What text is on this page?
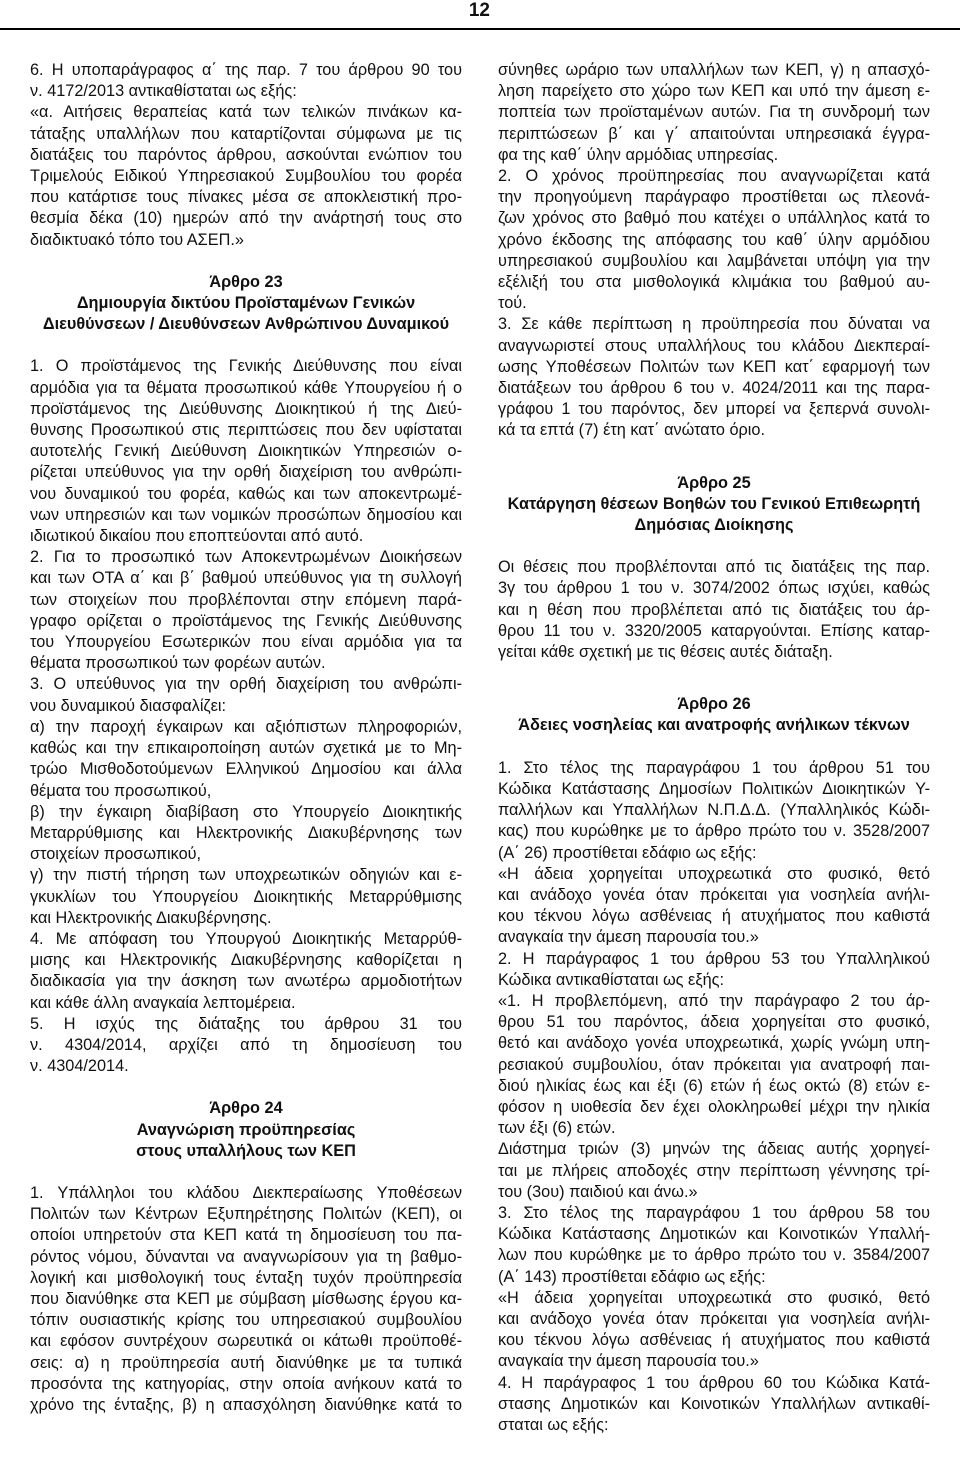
12

6. Η υποπαράγραφος α΄ της παρ. 7 του άρθρου 90 του

ν. 4172/2013 αντικαθίσταται ως εξής:

«α. Αιτήσεις θεραπείας κατά των τελικών πινάκων κα-

τάταξης υπαλλήλων που καταρτίζονται σύμφωνα με τις

διατάξεις του παρόντος άρθρου, ασκούνται ενώπιον του

Τριμελούς Ειδικού Υπηρεσιακού Συμβουλίου του φορέα

που κατάρτισε τους πίνακες μέσα σε αποκλειστική προ-

θεσμία δέκα (10) ημερών από την ανάρτησή τους στο

διαδικτυακό τόπο του ΑΣΕΠ.»

Άρθρο 23

Δημιουργία δικτύου Προϊσταμένων Γενικών

Διευθύνσεων / Διευθύνσεων Ανθρώπινου Δυναμικού

1. Ο προϊστάμενος της Γενικής Διεύθυνσης που είναι

αρμόδια για τα θέματα προσωπικού κάθε Υπουργείου ή ο

προϊστάμενος της Διεύθυνσης Διοικητικού ή της Διεύ-

θυνσης Προσωπικού στις περιπτώσεις που δεν υφίσταται

αυτοτελής Γενική Διεύθυνση Διοικητικών Υπηρεσιών ο-

ρίζεται υπεύθυνος για την ορθή διαχείριση του ανθρώπι-

νου δυναμικού του φορέα, καθώς και των αποκεντρωμέ-

νων υπηρεσιών και των νομικών προσώπων δημοσίου και

ιδιωτικού δικαίου που εποπτεύονται από αυτό.

2. Για το προσωπικό των Αποκεντρωμένων Διοικήσεων

και των ΟΤΑ α΄ και β΄ βαθμού υπεύθυνος για τη συλλογή

των στοιχείων που προβλέπονται στην επόμενη παρά-

γραφο ορίζεται ο προϊστάμενος της Γενικής Διεύθυνσης

του Υπουργείου Εσωτερικών που είναι αρμόδια για τα

θέματα προσωπικού των φορέων αυτών.

3. Ο υπεύθυνος για την ορθή διαχείριση του ανθρώπι-

νου δυναμικού διασφαλίζει:

α) την παροχή έγκαιρων και αξιόπιστων πληροφοριών,

καθώς και την επικαιροποίηση αυτών σχετικά με το Μη-

τρώο Μισθοδοτούμενων Ελληνικού Δημοσίου και άλλα

θέματα του προσωπικού,

β) την έγκαιρη διαβίβαση στο Υπουργείο Διοικητικής

Μεταρρύθμισης και Ηλεκτρονικής Διακυβέρνησης των

στοιχείων προσωπικού,

γ) την πιστή τήρηση των υποχρεωτικών οδηγιών και ε-

γκυκλίων του Υπουργείου Διοικητικής Μεταρρύθμισης

και Ηλεκτρονικής Διακυβέρνησης.

4. Με απόφαση του Υπουργού Διοικητικής Μεταρρύθ-

μισης και Ηλεκτρονικής Διακυβέρνησης καθορίζεται η

διαδικασία για την άσκηση των ανωτέρω αρμοδιοτήτων

και κάθε άλλη αναγκαία λεπτομέρεια.

5. Η ισχύς της διάταξης του άρθρου 31 του

ν. 4304/2014, αρχίζει από τη δημοσίευση του

ν. 4304/2014.

Άρθρο 24

Αναγνώριση προϋπηρεσίας

στους υπαλλήλους των ΚΕΠ

1. Υπάλληλοι του κλάδου Διεκπεραίωσης Υποθέσεων

Πολιτών των Κέντρων Εξυπηρέτησης Πολιτών (ΚΕΠ), οι

οποίοι υπηρετούν στα ΚΕΠ κατά τη δημοσίευση του πα-

ρόντος νόμου, δύνανται να αναγνωρίσουν για τη βαθμο-

λογική και μισθολογική τους ένταξη τυχόν προϋπηρεσία

που διανύθηκε στα ΚΕΠ με σύμβαση μίσθωσης έργου κα-

τόπιν ουσιαστικής κρίσης του υπηρεσιακού συμβουλίου

και εφόσον συντρέχουν σωρευτικά οι κάτωθι προϋποθέ-

σεις: α) η προϋπηρεσία αυτή διανύθηκε με τα τυπικά

προσόντα της κατηγορίας, στην οποία ανήκουν κατά το

χρόνο της ένταξης, β) η απασχόληση διανύθηκε κατά το

σύνηθες ωράριο των υπαλλήλων των ΚΕΠ, γ) η απασχό-

ληση παρείχετο στο χώρο των ΚΕΠ και υπό την άμεση ε-

ποπτεία των προϊσταμένων αυτών. Για τη συνδρομή των

περιπτώσεων β΄ και γ΄ απαιτούνται υπηρεσιακά έγγρα-

φα της καθ΄ ύλην αρμόδιας υπηρεσίας.

2. Ο χρόνος προϋπηρεσίας που αναγνωρίζεται κατά

την προηγούμενη παράγραφο προστίθεται ως πλεονά-

ζων χρόνος στο βαθμό που κατέχει ο υπάλληλος κατά το

χρόνο έκδοσης της απόφασης του καθ΄ ύλην αρμόδιου

υπηρεσιακού συμβουλίου και λαμβάνεται υπόψη για την

εξέλιξή του στα μισθολογικά κλιμάκια του βαθμού αυ-

τού.

3. Σε κάθε περίπτωση η προϋπηρεσία που δύναται να

αναγνωριστεί στους υπαλλήλους του κλάδου Διεκπεραί-

ωσης Υποθέσεων Πολιτών των ΚΕΠ κατ΄ εφαρμογή των

διατάξεων του άρθρου 6 του ν. 4024/2011 και της παρα-

γράφου 1 του παρόντος, δεν μπορεί να ξεπερνά συνολι-

κά τα επτά (7) έτη κατ΄ ανώτατο όριο.

Άρθρο 25

Κατάργηση θέσεων Βοηθών του Γενικού Επιθεωρητή

Δημόσιας Διοίκησης

Οι θέσεις που προβλέπονται από τις διατάξεις της παρ.

3γ του άρθρου 1 του ν. 3074/2002 όπως ισχύει, καθώς

και η θέση που προβλέπεται από τις διατάξεις του άρ-

θρου 11 του ν. 3320/2005 καταργούνται. Επίσης καταρ-

γείται κάθε σχετική με τις θέσεις αυτές διάταξη.

Άρθρο 26

Άδειες νοσηλείας και ανατροφής ανήλικων τέκνων

1. Στο τέλος της παραγράφου 1 του άρθρου 51 του

Κώδικα Κατάστασης Δημοσίων Πολιτικών Διοικητικών Υ-

παλλήλων και Υπαλλήλων Ν.Π.Δ.Δ. (Υπαλληλικός Κώδι-

κας) που κυρώθηκε με το άρθρο πρώτο του ν. 3528/2007

(Α΄ 26) προστίθεται εδάφιο ως εξής:

«Η άδεια χορηγείται υποχρεωτικά στο φυσικό, θετό

και ανάδοχο γονέα όταν πρόκειται για νοσηλεία ανήλι-

κου τέκνου λόγω ασθένειας ή ατυχήματος που καθιστά

αναγκαία την άμεση παρουσία του.»

2. Η παράγραφος 1 του άρθρου 53 του Υπαλληλικού

Κώδικα αντικαθίσταται ως εξής:

«1. Η προβλεπόμενη, από την παράγραφο 2 του άρ-

θρου 51 του παρόντος, άδεια χορηγείται στο φυσικό,

θετό και ανάδοχο γονέα υποχρεωτικά, χωρίς γνώμη υπη-

ρεσιακού συμβουλίου, όταν πρόκειται για ανατροφή παι-

διού ηλικίας έως και έξι (6) ετών ή έως οκτώ (8) ετών ε-

φόσον η υιοθεσία δεν έχει ολοκληρωθεί μέχρι την ηλικία

των έξι (6) ετών.

Διάστημα τριών (3) μηνών της άδειας αυτής χορηγεί-

ται με πλήρεις αποδοχές στην περίπτωση γέννησης τρί-

του (3ου) παιδιού και άνω.»

3. Στο τέλος της παραγράφου 1 του άρθρου 58 του

Κώδικα Κατάστασης Δημοτικών και Κοινοτικών Υπαλλή-

λων που κυρώθηκε με το άρθρο πρώτο του ν. 3584/2007

(Α΄ 143) προστίθεται εδάφιο ως εξής:

«Η άδεια χορηγείται υποχρεωτικά στο φυσικό, θετό

και ανάδοχο γονέα όταν πρόκειται για νοσηλεία ανήλι-

κου τέκνου λόγω ασθένειας ή ατυχήματος που καθιστά

αναγκαία την άμεση παρουσία του.»

4. Η παράγραφος 1 του άρθρου 60 του Κώδικα Κατά-

στασης Δημοτικών και Κοινοτικών Υπαλλήλων αντικαθί-

σταται ως εξής:
